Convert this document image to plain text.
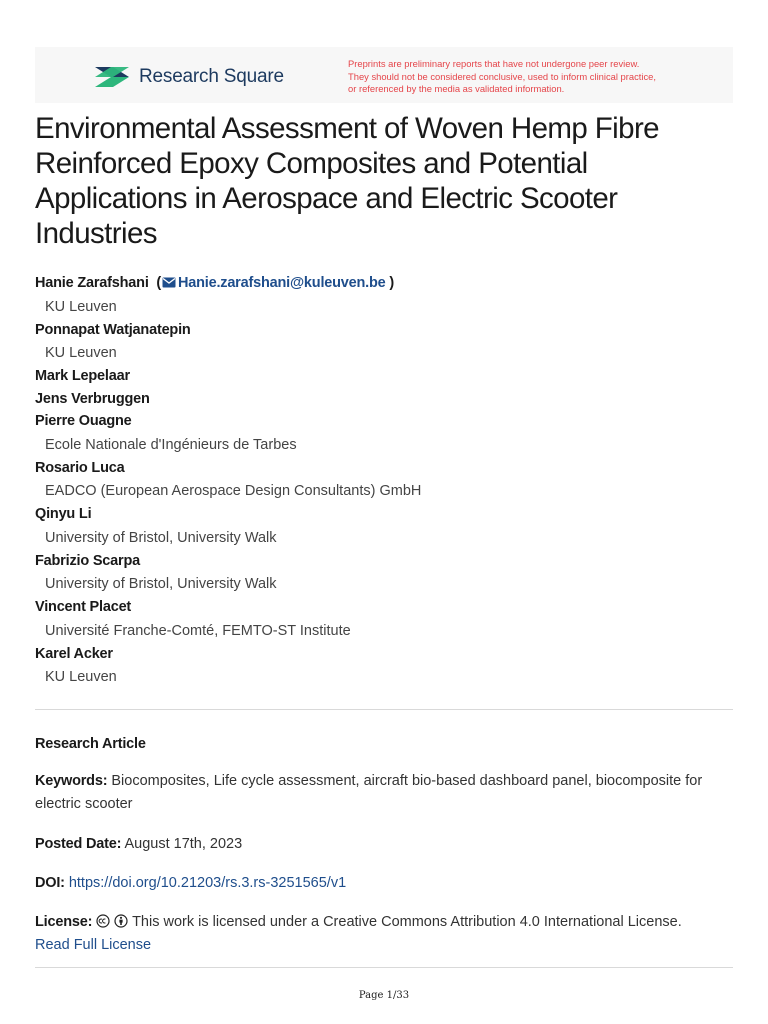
Research Square
Preprints are preliminary reports that have not undergone peer review.
They should not be considered conclusive, used to inform clinical practice,
or referenced by the media as validated information.
Environmental Assessment of Woven Hemp Fibre Reinforced Epoxy Composites and Potential Applications in Aerospace and Electric Scooter Industries
Hanie Zarafshani  ( Hanie.zarafshani@kuleuven.be )
KU Leuven
Ponnapat Watjanatepin
KU Leuven
Mark Lepelaar
Jens Verbruggen
Pierre Ouagne
Ecole Nationale d'Ingénieurs de Tarbes
Rosario Luca
EADCO (European Aerospace Design Consultants) GmbH
Qinyu Li
University of Bristol, University Walk
Fabrizio Scarpa
University of Bristol, University Walk
Vincent Placet
Université Franche-Comté, FEMTO-ST Institute
Karel Acker
KU Leuven
Research Article
Keywords: Biocomposites, Life cycle assessment, aircraft bio-based dashboard panel, biocomposite for electric scooter
Posted Date: August 17th, 2023
DOI: https://doi.org/10.21203/rs.3.rs-3251565/v1
License:	This work is licensed under a Creative Commons Attribution 4.0 International License.
Read Full License
Page 1/33
